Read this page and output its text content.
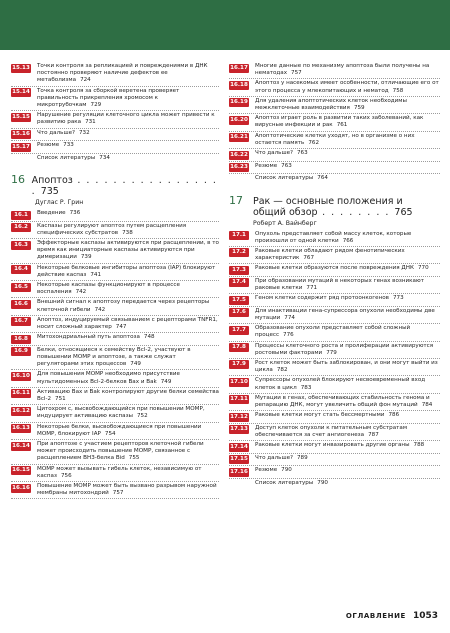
15.13 Точки контроля за репликацией и повреждениями в ДНК постоянно проверяют наличие дефектов ее метаболизма 724
15.14 Точка контроля за сборкой веретена проверяет правильность прикрепления хромосом к микротрубочкам 729
15.15 Нарушение регуляции клеточного цикла может привести к развитию рака 731
15.16 Что дальше? 732
15.17 Резюме 733
Список литературы 734
16 Апоптоз . . . . . . . . . . . . . . . . . 735
Дуглас Р. Грин
16.1	Введение 736
16.2	Каспазы регулируют апоптоз путем расщепления специфических субстратов 738
16.3	Эффекторные каспазы активируются при расщеплении, в то время как инициаторные каспазы активируются при димеризации 739
16.4	Некоторые белковые ингибиторы апоптоза (IAP) блокируют действие каспаз 741
16.5	Некоторые каспазы функционируют в процессе воспаления 742
16.6	Внешний сигнал к апоптозу передается через рецепторы клеточной гибели 742
16.7	Апоптоз, индуцируемый связыванием с рецепторами TNFR1, носит сложный характер 747
16.8	Митохондриальный путь апоптоза 748
16.9	Белки, относящиеся к семейству Bcl-2, участвуют в повышении MOMP и апоптозе, а также служат регуляторами этих процессов 749
16.10 Для повышения MOMP необходимо присутствие мультидоменных Bcl-2-белков Bax и Bak 749
16.11 Активацию Bax и Bak контролируют другие белки семейства Bcl-2 751
16.12 Цитохром c, высвобождающийся при повышении MOMP, индуцирует активацию каспазы 752
16.13 Некоторые белки, высвобождающиеся при повышении MOMP, блокируют IAP 754
16.14 При апоптозе с участием рецепторов клеточной гибели может происходить повышение MOMP, связанное с расщеплением BH3-белка Bid 755
16.15 MOMP может вызывать гибель клеток, независимую от каспаз 756
16.16 Повышение MOMP может быть вызвано разрывом наружной мембраны митохондрий 757
16.17 Многие данные по механизму апоптоза были получены на нематодах 757
16.18 Апоптоз у насекомых имеет особенности, отличающие его от этого процесса у млекопитающих и нематод 758
16.19 Для удаления апоптотических клеток необходимы межклеточные взаимодействия 759
16.20 Апоптоз играет роль в развитии таких заболеваний, как вирусные инфекции и рак 761
16.21 Апоптотические клетки уходят, но в организме о них остается память 762
16.22 Что дальше? 763
16.23 Резюме 763
Список литературы 764
17	Рак — основные положения и общий обзор . . . . . . . . 765
Роберт А. Вайнберг
17.1	Опухоль представляет собой массу клеток, которые произошли от одной клетки 766
17.2	Раковые клетки обладают рядом фенотипических характеристик 767
17.3	Раковые клетки образуются после повреждения ДНК 770
17.4	При образовании мутаций в некоторых генах возникают раковые клетки 771
17.5	Геном клетки содержит ряд протоонкогенов 773
17.6	Для инактивации гена-супрессора опухоли необходимы две мутации 774
17.7	Образование опухоли представляет собой сложный процесс 776
17.8	Процессы клеточного роста и пролиферации активируются ростовыми факторами 779
17.9	Рост клеток может быть заблокирован, и они могут выйти из цикла 782
17.10 Супрессоры опухолей блокируют несвоевременный вход клеток в цикл 783
17.11 Мутации в генах, обеспечивающих стабильность генома и репарацию ДНК, могут увеличить общий фон мутаций 784
17.12 Раковые клетки могут стать бессмертными 786
17.13 Доступ клеток опухоли к питательным субстратам обеспечивается за счет ангиогенеза 787
17.14 Раковые клетки могут инвазировать другие органы 788
17.15 Что дальше? 789
17.16 Резюме 790
Список литературы 790
ОГЛАВЛЕНИЕ 1053
